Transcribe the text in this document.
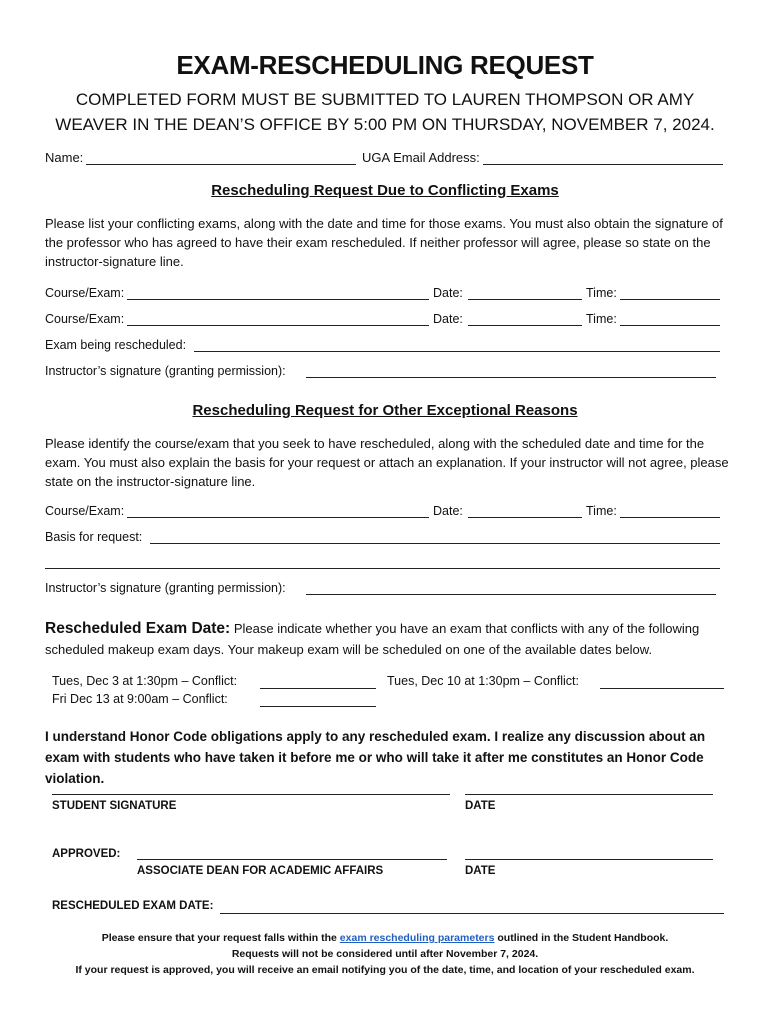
EXAM-RESCHEDULING REQUEST
COMPLETED FORM MUST BE SUBMITTED TO LAUREN THOMPSON OR AMY
WEAVER IN THE DEAN’S OFFICE BY 5:00 PM ON THURSDAY, NOVEMBER 7, 2024.
Name:	UGA Email Address:
Rescheduling Request Due to Conflicting Exams
Please list your conflicting exams, along with the date and time for those exams. You must also obtain the signature of the professor who has agreed to have their exam rescheduled. If neither professor will agree, please so state on the instructor-signature line.
Course/Exam:	Date:	Time:
Course/Exam:	Date:	Time:
Exam being rescheduled:
Instructor’s signature (granting permission):
Rescheduling Request for Other Exceptional Reasons
Please identify the course/exam that you seek to have rescheduled, along with the scheduled date and time for the exam. You must also explain the basis for your request or attach an explanation. If your instructor will not agree, please state on the instructor-signature line.
Course/Exam:	Date:	Time:
Basis for request:
Instructor’s signature (granting permission):
Rescheduled Exam Date: Please indicate whether you have an exam that conflicts with any of the following
scheduled makeup exam days. Your makeup exam will be scheduled on one of the available dates below.
Tues, Dec 3 at 1:30pm – Conflict:	Tues, Dec 10 at 1:30pm – Conflict:
Fri Dec 13 at 9:00am – Conflict:
I understand Honor Code obligations apply to any rescheduled exam. I realize any discussion about an exam with students who have taken it before me or who will take it after me constitutes an Honor Code violation.
STUDENT SIGNATURE	DATE
APPROVED:
ASSOCIATE DEAN FOR ACADEMIC AFFAIRS	DATE
RESCHEDULED EXAM DATE:
Please ensure that your request falls within the exam rescheduling parameters outlined in the Student Handbook.
Requests will not be considered until after November 7, 2024.
If your request is approved, you will receive an email notifying you of the date, time, and location of your rescheduled exam.
